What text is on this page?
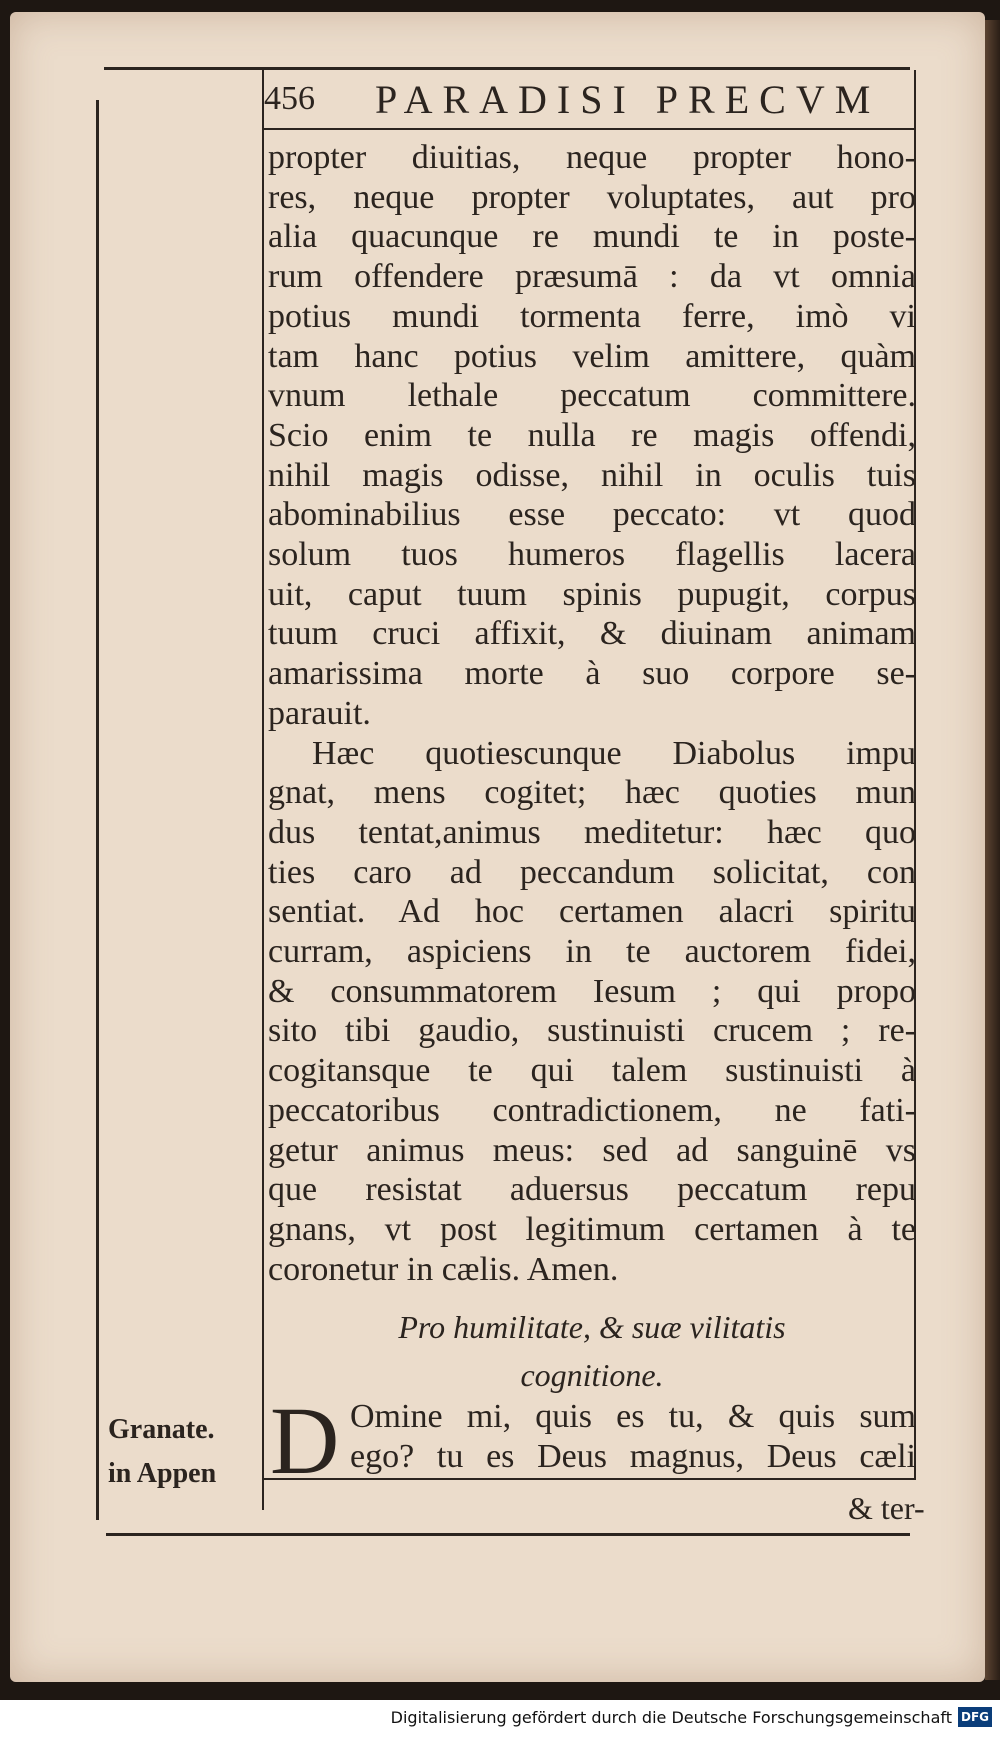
456 PARADISI PRECVM
propter diuitias, neque propter hono-
res, neque propter voluptates, aut pro
alia quacunque re mundi te in poste-
rum offendere præsumā : da vt omnia
potius mundi tormenta ferre, imò vi
tam hanc potius velim amittere, quàm
vnum lethale peccatum committere.
Scio enim te nulla re magis offendi,
nihil magis odisse, nihil in oculis tuis
abominabilius esse peccato: vt quod
solum tuos humeros flagellis lacera
uit, caput tuum spinis pupugit, corpus
tuum cruci affixit, & diuinam animam
amarissima morte à suo corpore se-
parauit.
Hæc quotiescunque Diabolus impu
gnat, mens cogitet; hæc quoties mun
dus tentat,animus meditetur: hæc quo
ties caro ad peccandum solicitat, con
sentiat. Ad hoc certamen alacri spiritu
curram, aspiciens in te auctorem fidei,
& consummatorem Iesum ; qui propo
sito tibi gaudio, sustinuisti crucem ; re-
cogitansque te qui talem sustinuisti à
peccatoribus contradictionem, ne fati-
getur animus meus: sed ad sanguinē vs
que resistat aduersus peccatum repu
gnans, vt post legitimum certamen à te
coronetur in cælis. Amen.
Pro humilitate, & suæ vilitatis
cognitione.
D Omine mi, quis es tu, & quis sum
ego? tu es Deus magnus, Deus cæli
& ter-
Granate.
in Appen
Digitalisierung gefördert durch die Deutsche Forschungsgemeinschaft DFG
